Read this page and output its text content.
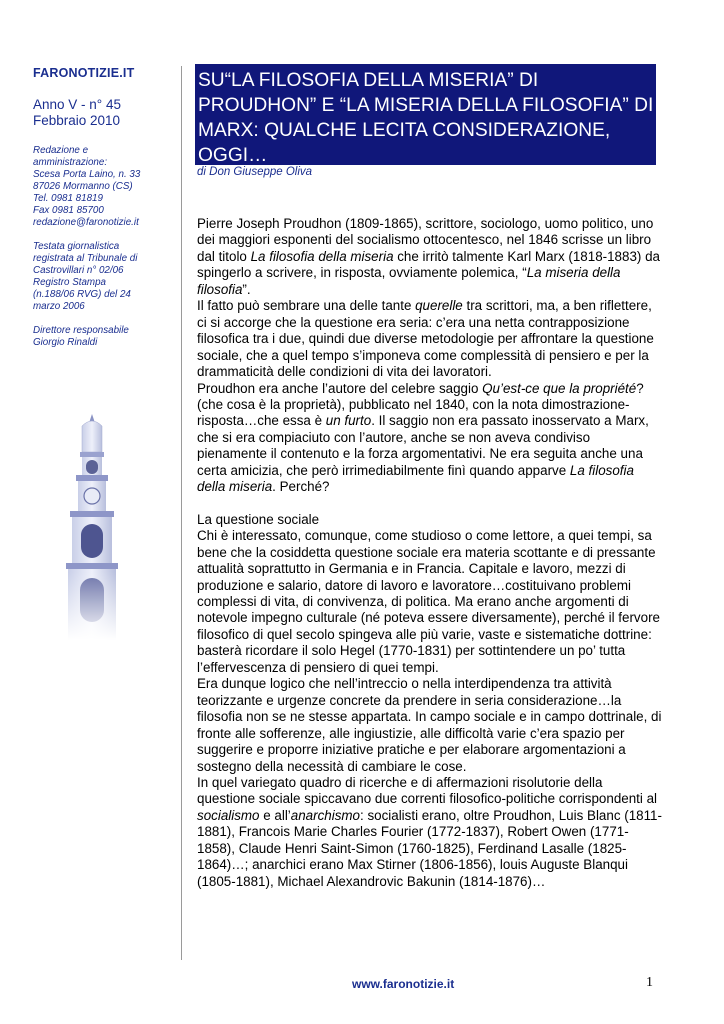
FARONOTIZIE.IT
Anno V - n° 45
Febbraio 2010

Redazione e

amministrazione:

Scesa Porta Laino, n. 33

87026 Mormanno (CS)

Tel. 0981 81819

Fax 0981 85700

redazione@faronotizie.it

Testata giornalistica

registrata al Tribunale di

Castrovillari n° 02/06

Registro Stampa

(n.188/06 RVG) del 24

marzo 2006

Direttore responsabile

Giorgio Rinaldi

SU“LA FILOSOFIA DELLA MISERIA” DI PROUDHON” E “LA MISERIA DELLA FILOSOFIA” DI MARX: QUALCHE LECITA CONSIDERAZIONE, OGGI…
di Don Giuseppe Oliva

Pierre Joseph Proudhon (1809-1865), scrittore, sociologo, uomo politico, uno dei maggiori esponenti del socialismo ottocentesco, nel 1846 scrisse un libro dal titolo La filosofia della miseria che irritò talmente Karl Marx (1818-1883) da spingerlo a scrivere, in risposta, ovviamente polemica, “La miseria della filosofia”.

Il fatto può sembrare una delle tante querelle tra scrittori, ma, a ben riflettere, ci si accorge che la questione era seria: c’era una netta contrapposizione filosofica tra i due, quindi due diverse metodologie per affrontare la questione sociale, che a quel tempo s’imponeva come complessità di pensiero e per la drammaticità delle condizioni di vita dei lavoratori.

Proudhon era anche l’autore del celebre saggio Qu’est-ce que la propriété? (che cosa è la proprietà), pubblicato nel 1840, con la nota dimostrazione- risposta…che essa è un furto. Il saggio non era passato inosservato a Marx, che si era compiaciuto con l’autore, anche se non aveva condiviso pienamente il contenuto e la forza argomentativi. Ne era seguita anche una certa amicizia, che però irrimediabilmente finì quando apparve La filosofia della miseria. Perché?

La questione sociale

Chi è interessato, comunque, come studioso o come lettore, a quei tempi, sa bene che la cosiddetta questione sociale era materia scottante e di pressante attualità soprattutto in Germania e in Francia. Capitale e lavoro, mezzi di produzione e salario, datore di lavoro e lavoratore…costituivano problemi complessi di vita, di convivenza, di politica. Ma erano anche argomenti di notevole impegno culturale (né poteva essere diversamente), perché il fervore filosofico di quel secolo spingeva alle più varie, vaste e sistematiche dottrine: basterà ricordare il solo Hegel (1770-1831) per sottintendere un po’ tutta l’effervescenza di pensiero di quei tempi.

Era dunque logico che nell’intreccio o nella interdipendenza tra attività teorizzante e urgenze concrete da prendere in seria considerazione…la filosofia non se ne stesse appartata. In campo sociale e in campo dottrinale, di fronte alle sofferenze, alle ingiustizie, alle difficoltà varie c’era spazio per suggerire e proporre iniziative pratiche e per elaborare argomentazioni a sostegno della necessità di cambiare le cose.

In quel variegato quadro di ricerche e di affermazioni risolutorie della questione sociale spiccavano due correnti filosofico-politiche corrispondenti al socialismo e all’anarchismo: socialisti erano, oltre Proudhon, Luis Blanc (1811-1881), Francois Marie Charles Fourier (1772-1837), Robert Owen (1771-1858), Claude Henri Saint-Simon (1760-1825), Ferdinand Lasalle (1825-1864)…; anarchici erano Max Stirner (1806-1856), louis Auguste Blanqui (1805-1881), Michael Alexandrovic Bakunin (1814-1876)…

www.faronotizie.it	1
